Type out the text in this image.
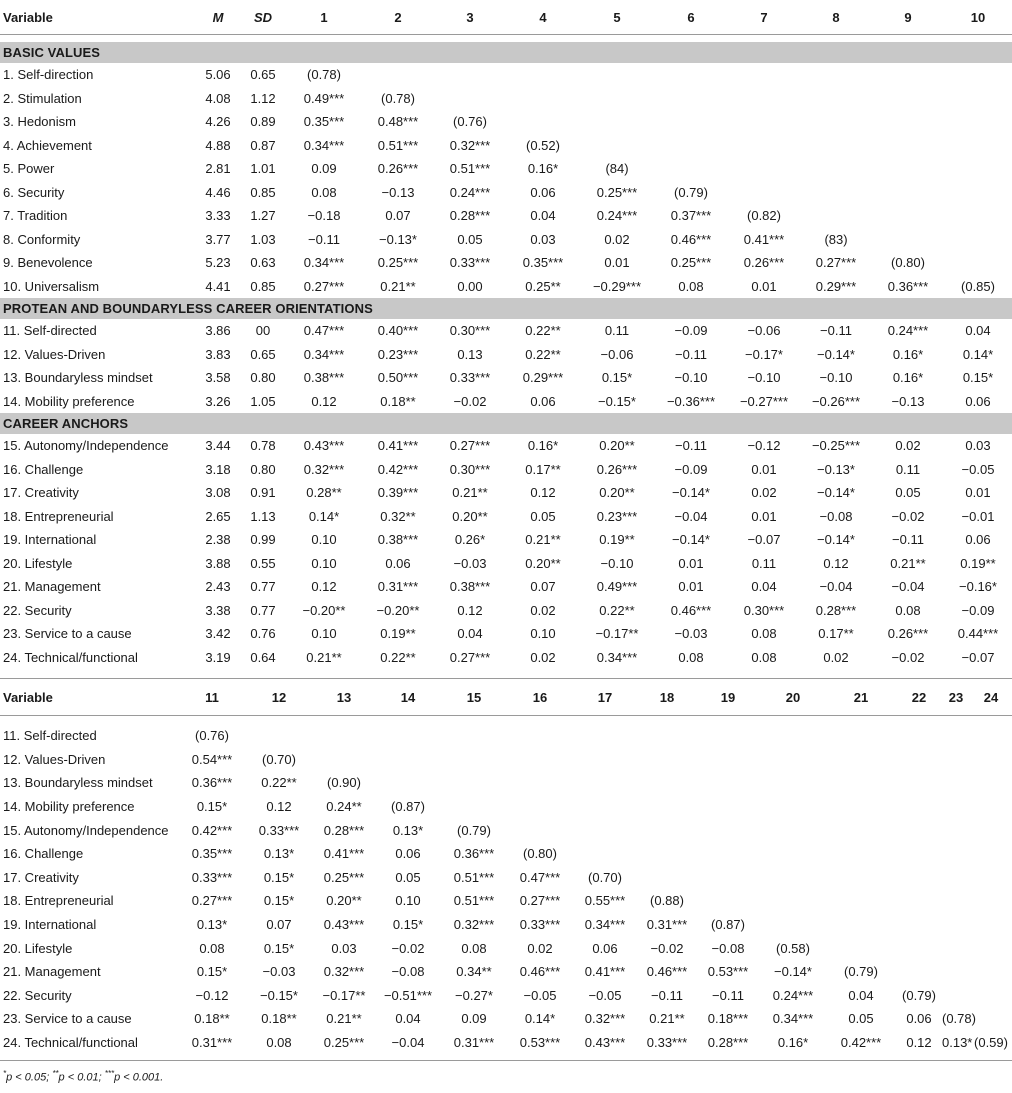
Variable	M	SD	1	2	3	4	5	6	7	8	9	10

BASIC VALUES												
1. Self-direction	5.06	0.65	(0.78)									
2. Stimulation	4.08	1.12	0.49***	(0.78)								
3. Hedonism	4.26	0.89	0.35***	0.48***	(0.76)							
4. Achievement	4.88	0.87	0.34***	0.51***	0.32***	(0.52)						
5. Power	2.81	1.01	0.09	0.26***	0.51***	0.16*	(84)					
6. Security	4.46	0.85	0.08	−0.13	0.24***	0.06	0.25***	(0.79)				
7. Tradition	3.33	1.27	−0.18	0.07	0.28***	0.04	0.24***	0.37***	(0.82)			
8. Conformity	3.77	1.03	−0.11	−0.13*	0.05	0.03	0.02	0.46***	0.41***	(83)		
9. Benevolence	5.23	0.63	0.34***	0.25***	0.33***	0.35***	0.01	0.25***	0.26***	0.27***	(0.80)	
10. Universalism	4.41	0.85	0.27***	0.21**	0.00	0.25**	−0.29***	0.08	0.01	0.29***	0.36***	(0.85)
PROTEAN AND BOUNDARYLESS CAREER ORIENTATIONS												
11. Self-directed	3.86	00	0.47***	0.40***	0.30***	0.22**	0.11	−0.09	−0.06	−0.11	0.24***	0.04
12. Values-Driven	3.83	0.65	0.34***	0.23***	0.13	0.22**	−0.06	−0.11	−0.17*	−0.14*	0.16*	0.14*
13. Boundaryless mindset	3.58	0.80	0.38***	0.50***	0.33***	0.29***	0.15*	−0.10	−0.10	−0.10	0.16*	0.15*
14. Mobility preference	3.26	1.05	0.12	0.18**	−0.02	0.06	−0.15*	−0.36***	−0.27***	−0.26***	−0.13	0.06
CAREER ANCHORS												
15. Autonomy/Independence	3.44	0.78	0.43***	0.41***	0.27***	0.16*	0.20**	−0.11	−0.12	−0.25***	0.02	0.03
16. Challenge	3.18	0.80	0.32***	0.42***	0.30***	0.17**	0.26***	−0.09	0.01	−0.13*	0.11	−0.05
17. Creativity	3.08	0.91	0.28**	0.39***	0.21**	0.12	0.20**	−0.14*	0.02	−0.14*	0.05	0.01
18. Entrepreneurial	2.65	1.13	0.14*	0.32**	0.20**	0.05	0.23***	−0.04	0.01	−0.08	−0.02	−0.01
19. International	2.38	0.99	0.10	0.38***	0.26*	0.21**	0.19**	−0.14*	−0.07	−0.14*	−0.11	0.06
20. Lifestyle	3.88	0.55	0.10	0.06	−0.03	0.20**	−0.10	0.01	0.11	0.12	0.21**	0.19**
21. Management	2.43	0.77	0.12	0.31***	0.38***	0.07	0.49***	0.01	0.04	−0.04	−0.04	−0.16*
22. Security	3.38	0.77	−0.20**	−0.20**	0.12	0.02	0.22**	0.46***	0.30***	0.28***	0.08	−0.09
23. Service to a cause	3.42	0.76	0.10	0.19**	0.04	0.10	−0.17**	−0.03	0.08	0.17**	0.26***	0.44***
24. Technical/functional	3.19	0.64	0.21**	0.22**	0.27***	0.02	0.34***	0.08	0.08	0.02	−0.02	−0.07

Variable	11	12	13	14	15	16	17	18	19	20	21	22	23	24

11. Self-directed	(0.76)													
12. Values-Driven	0.54***	(0.70)												
13. Boundaryless mindset	0.36***	0.22**	(0.90)											
14. Mobility preference	0.15*	0.12	0.24**	(0.87)										
15. Autonomy/Independence	0.42***	0.33***	0.28***	0.13*	(0.79)									
16. Challenge	0.35***	0.13*	0.41***	0.06	0.36***	(0.80)								
17. Creativity	0.33***	0.15*	0.25***	0.05	0.51***	0.47***	(0.70)							
18. Entrepreneurial	0.27***	0.15*	0.20**	0.10	0.51***	0.27***	0.55***	(0.88)						
19. International	0.13*	0.07	0.43***	0.15*	0.32***	0.33***	0.34***	0.31***	(0.87)					
20. Lifestyle	0.08	0.15*	0.03	−0.02	0.08	0.02	0.06	−0.02	−0.08	(0.58)				
21. Management	0.15*	−0.03	0.32***	−0.08	0.34**	0.46***	0.41***	0.46***	0.53***	−0.14*	(0.79)			
22. Security	−0.12	−0.15*	−0.17**	−0.51***	−0.27*	−0.05	−0.05	−0.11	−0.11	0.24***	0.04	(0.79)		
23. Service to a cause	0.18**	0.18**	0.21**	0.04	0.09	0.14*	0.32***	0.21**	0.18***	0.34***	0.05	0.06	(0.78)	
24. Technical/functional	0.31***	0.08	0.25***	−0.04	0.31***	0.53***	0.43***	0.33***	0.28***	0.16*	0.42***	0.12	0.13*	(0.59)

*p < 0.05; **p < 0.01; ***p < 0.001.
